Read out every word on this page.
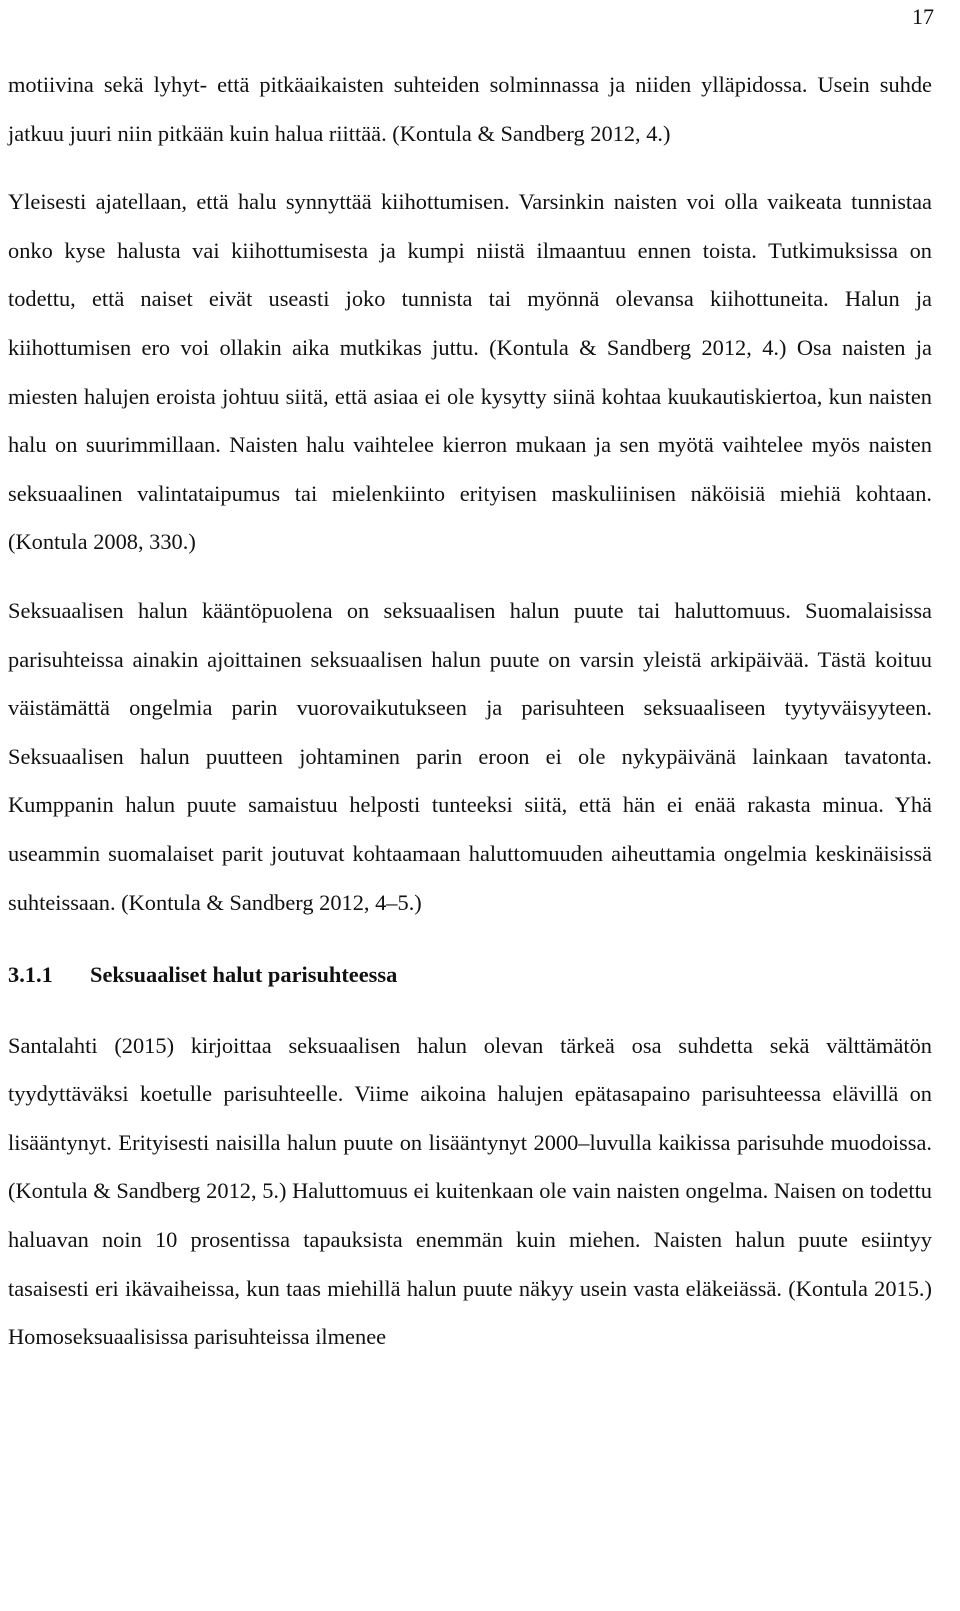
17

motiivina sekä lyhyt- että pitkäaikaisten suhteiden solminnassa ja niiden ylläpidossa. Usein suhde jatkuu juuri niin pitkään kuin halua riittää. (Kontula & Sandberg 2012, 4.)

Yleisesti ajatellaan, että halu synnyttää kiihottumisen. Varsinkin naisten voi olla vaikeata tunnistaa onko kyse halusta vai kiihottumisesta ja kumpi niistä ilmaantuu ennen toista. Tutkimuksissa on todettu, että naiset eivät useasti joko tunnista tai myönnä olevansa kiihottuneita. Halun ja kiihottumisen ero voi ollakin aika mutkikas juttu. (Kontula & Sandberg 2012, 4.) Osa naisten ja miesten halujen eroista johtuu siitä, että asiaa ei ole kysytty siinä kohtaa kuukautiskiertoa, kun naisten halu on suurimmillaan. Naisten halu vaihtelee kierron mukaan ja sen myötä vaihtelee myös naisten seksuaalinen valintataipumus tai mielenkiinto erityisen maskuliinisen näköisiä miehiä kohtaan. (Kontula 2008, 330.)

Seksuaalisen halun kääntöpuolena on seksuaalisen halun puute tai haluttomuus. Suomalaisissa parisuhteissa ainakin ajoittainen seksuaalisen halun puute on varsin yleistä arkipäivää. Tästä koituu väistämättä ongelmia parin vuorovaikutukseen ja parisuhteen seksuaaliseen tyytyväisyyteen. Seksuaalisen halun puutteen johtaminen parin eroon ei ole nykypäivänä lainkaan tavatonta. Kumppanin halun puute samaistuu helposti tunteeksi siitä, että hän ei enää rakasta minua. Yhä useammin suomalaiset parit joutuvat kohtaamaan haluttomuuden aiheuttamia ongelmia keskinäisissä suhteissaan. (Kontula & Sandberg 2012, 4–5.)

3.1.1 Seksuaaliset halut parisuhteessa

Santalahti (2015) kirjoittaa seksuaalisen halun olevan tärkeä osa suhdetta sekä välttämätön tyydyttäväksi koetulle parisuhteelle. Viime aikoina halujen epätasapaino parisuhteessa elävillä on lisääntynyt. Erityisesti naisilla halun puute on lisääntynyt 2000–luvulla kaikissa parisuhde muodoissa. (Kontula & Sandberg 2012, 5.) Haluttomuus ei kuitenkaan ole vain naisten ongelma. Naisen on todettu haluavan noin 10 prosentissa tapauksista enemmän kuin miehen. Naisten halun puute esiintyy tasaisesti eri ikävaiheissa, kun taas miehillä halun puute näkyy usein vasta eläkeiässä. (Kontula 2015.) Homoseksuaalisissa parisuhteissa ilmenee
